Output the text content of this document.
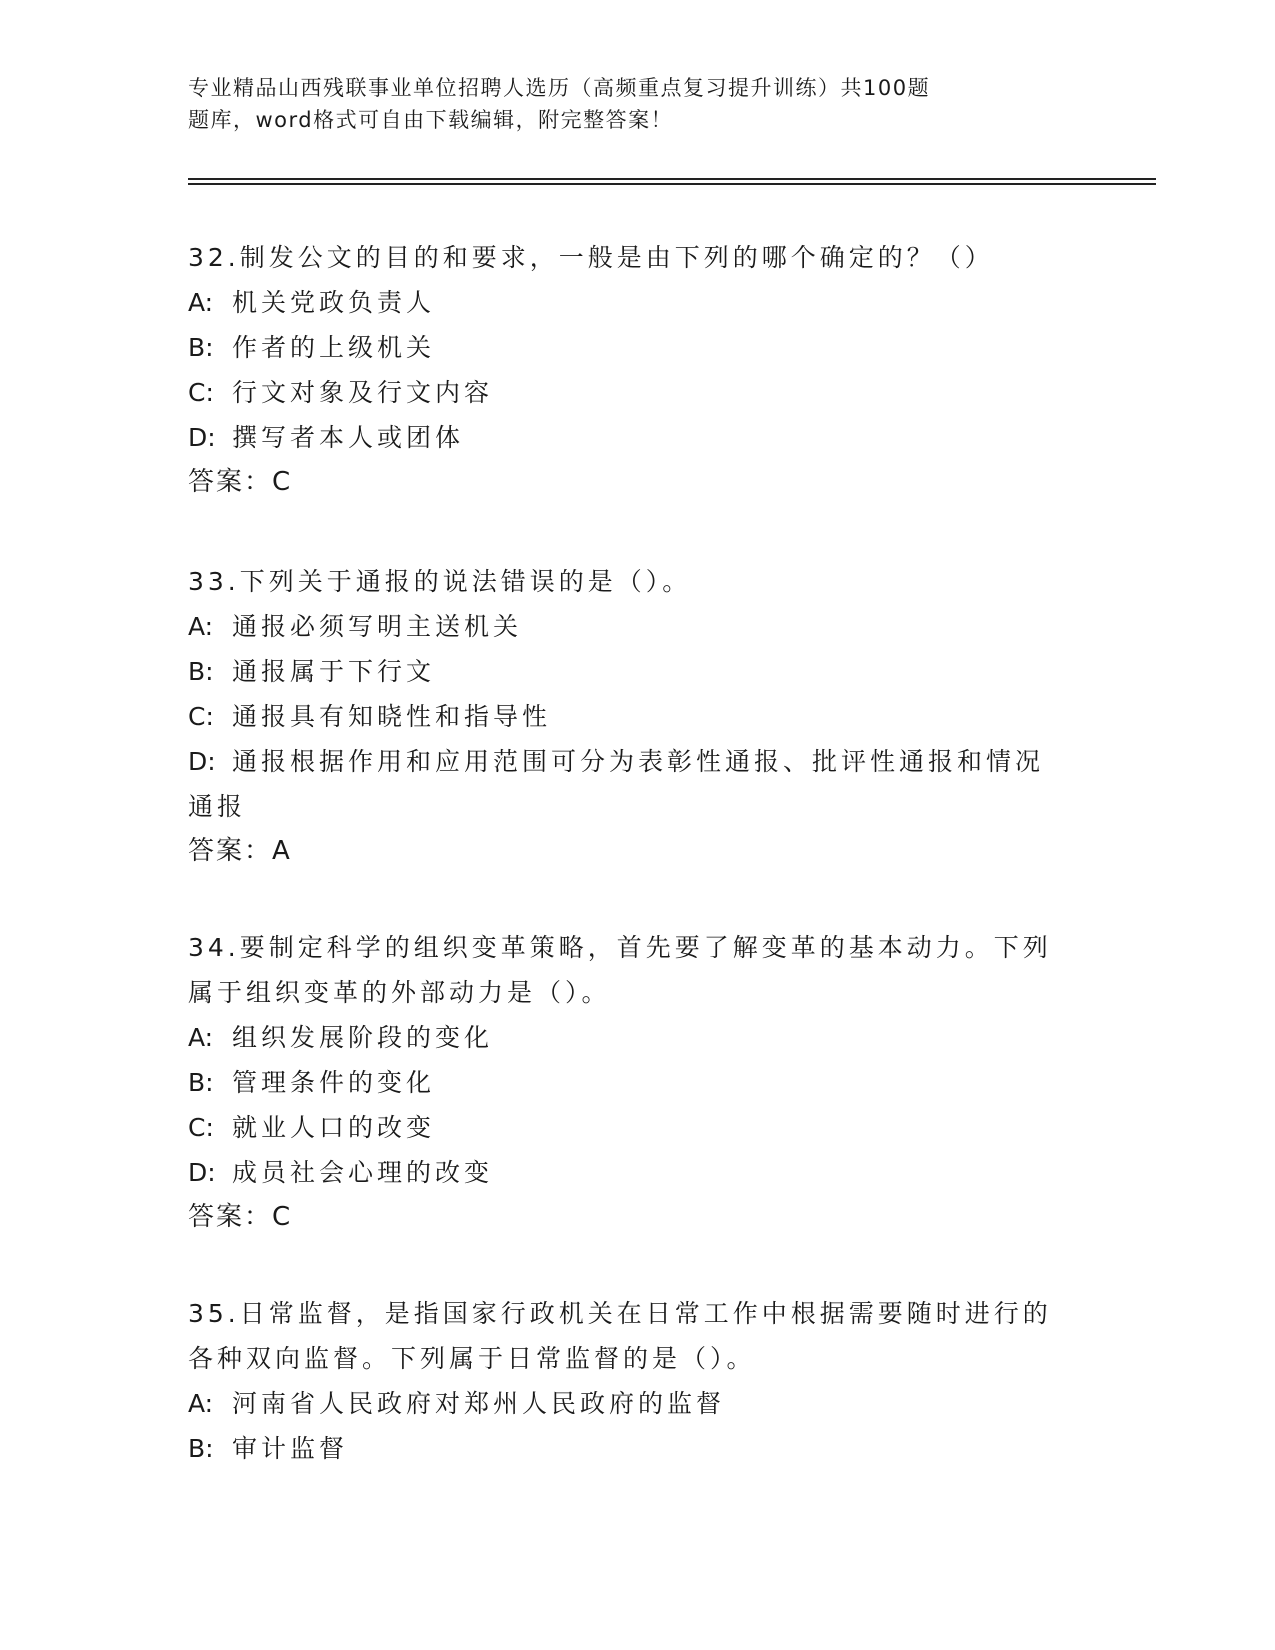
专业精品山西残联事业单位招聘人选历（高频重点复习提升训练）共100题
题库，word格式可自由下载编辑，附完整答案！
32.制发公文的目的和要求，一般是由下列的哪个确定的？（）
A: 机关党政负责人
B: 作者的上级机关
C: 行文对象及行文内容
D: 撰写者本人或团体
答案：C
33.下列关于通报的说法错误的是（）。
A: 通报必须写明主送机关
B: 通报属于下行文
C: 通报具有知晓性和指导性
D: 通报根据作用和应用范围可分为表彰性通报、批评性通报和情况通报
答案：A
34.要制定科学的组织变革策略，首先要了解变革的基本动力。下列属于组织变革的外部动力是（）。
A: 组织发展阶段的变化
B: 管理条件的变化
C: 就业人口的改变
D: 成员社会心理的改变
答案：C
35.日常监督，是指国家行政机关在日常工作中根据需要随时进行的各种双向监督。下列属于日常监督的是（）。
A: 河南省人民政府对郑州人民政府的监督
B: 审计监督
